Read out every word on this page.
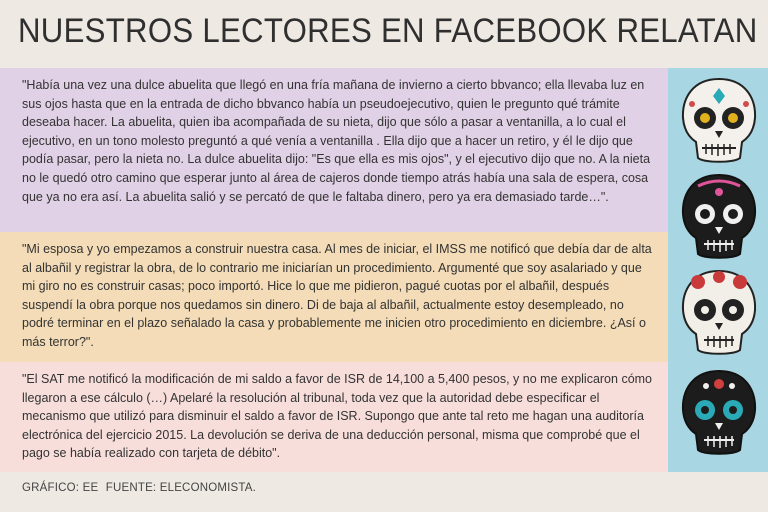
NUESTROS LECTORES EN FACEBOOK RELATAN

"Había una vez una dulce abuelita que llegó en una fría mañana de invierno a cierto bbvanco; ella llevaba luz en sus ojos hasta que en la entrada de dicho bbvanco había un pseudoejecutivo, quien le pregunto qué trámite deseaba hacer. La abuelita, quien iba acompañada de su nieta, dijo que sólo a pasar a ventanilla, a lo cual el ejecutivo, en un tono molesto preguntó a qué venía a ventanilla . Ella dijo que a hacer un retiro, y él le dijo que podía pasar, pero la nieta no. La dulce abuelita dijo: "Es que ella es mis ojos", y el ejecutivo dijo que no. A la nieta no le quedó otro camino que esperar junto al área de cajeros donde tiempo atrás había una sala de espera, cosa que ya no era así. La abuelita salió y se percató de que le faltaba dinero, pero ya era demasiado tarde…".

"Mi esposa y yo empezamos a construir nuestra casa. Al mes de iniciar, el IMSS me notificó que debía dar de alta al albañil y registrar la obra, de lo contrario me iniciarían un procedimiento. Argumenté que soy asalariado y que mi giro no es construir casas; poco importó. Hice lo que me pidieron, pagué cuotas por el albañil, después suspendí la obra porque nos quedamos sin dinero. Di de baja al albañil, actualmente estoy desempleado, no podré terminar en el plazo señalado la casa y probablemente me inicien otro procedimiento en diciembre. ¿Así o más terror?".

"El SAT me notificó la modificación de mi saldo a favor de ISR de 14,100 a 5,400 pesos, y no me explicaron cómo llegaron a ese cálculo (…) Apelaré la resolución al tribunal, toda vez que la autoridad debe especificar el mecanismo que utilizó para disminuir el saldo a favor de ISR. Supongo que ante tal reto me hagan una auditoría electrónica del ejercicio 2015. La devolución se deriva de una deducción personal, misma que comprobé que el pago se había realizado con tarjeta de débito".

GRÁFICO: EE FUENTE: ELECONOMISTA.
